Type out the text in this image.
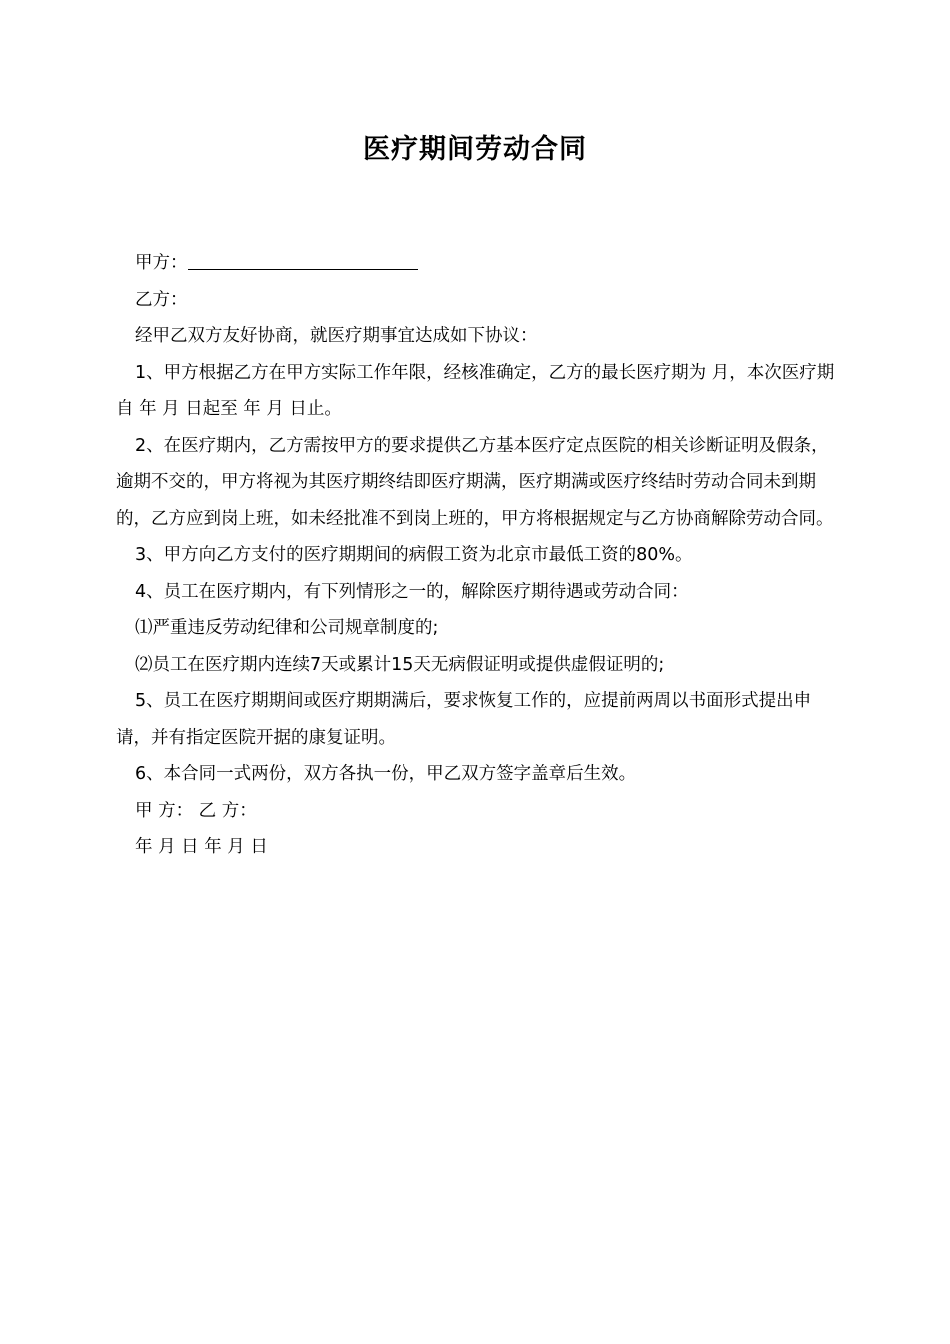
医疗期间劳动合同

甲方：

乙方：

经甲乙双方友好协商，就医疗期事宜达成如下协议：

1、甲方根据乙方在甲方实际工作年限，经核准确定，乙方的最长医疗期为 月，本次医疗期自 年 月 日起至 年 月 日止。

2、在医疗期内，乙方需按甲方的要求提供乙方基本医疗定点医院的相关诊断证明及假条，逾期不交的，甲方将视为其医疗期终结即医疗期满，医疗期满或医疗终结时劳动合同未到期的，乙方应到岗上班，如未经批准不到岗上班的，甲方将根据规定与乙方协商解除劳动合同。

3、甲方向乙方支付的医疗期期间的病假工资为北京市最低工资的80%。

4、员工在医疗期内，有下列情形之一的，解除医疗期待遇或劳动合同：

⑴严重违反劳动纪律和公司规章制度的;

⑵员工在医疗期内连续7天或累计15天无病假证明或提供虚假证明的;

5、员工在医疗期期间或医疗期期满后，要求恢复工作的，应提前两周以书面形式提出申请，并有指定医院开据的康复证明。

6、本合同一式两份，双方各执一份，甲乙双方签字盖章后生效。

甲 方： 乙 方：

年 月 日 年 月 日
